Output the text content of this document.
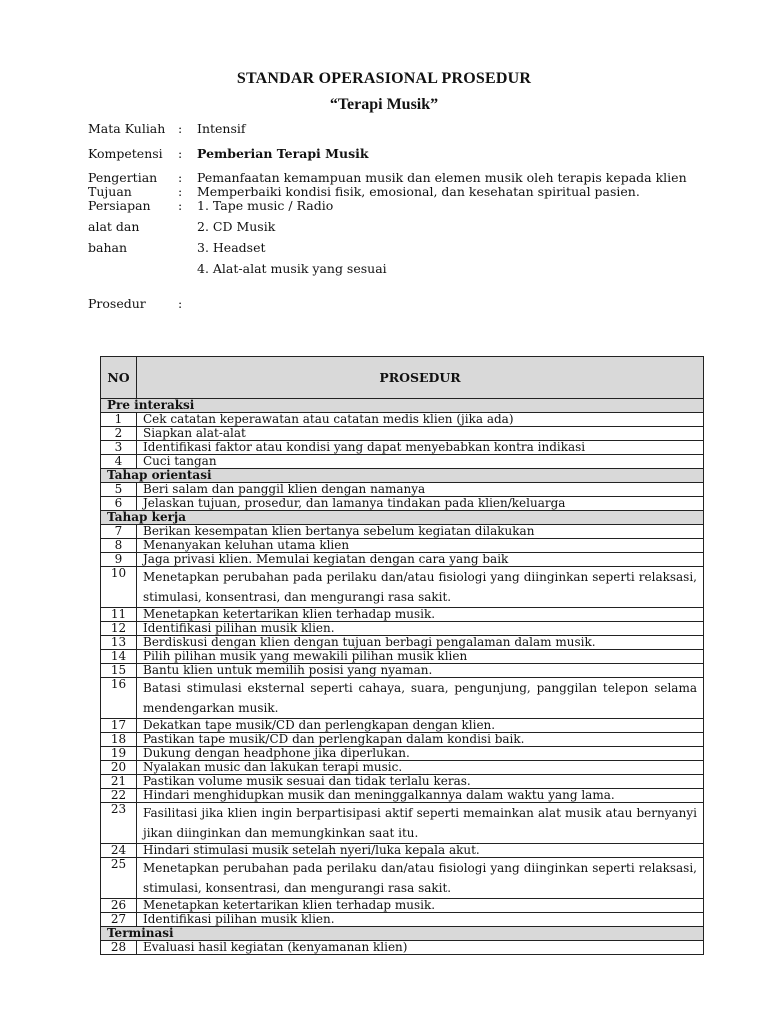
STANDAR OPERASIONAL PROSEDUR
“Terapi Musik”
Mata Kuliah : Intensif
Kompetensi : Pemberian Terapi Musik
Pengertian : Pemanfaatan kemampuan musik dan elemen musik oleh terapis kepada klien
Tujuan	: Memperbaiki kondisi fisik, emosional, dan kesehatan spiritual pasien.
Persiapan : 1. Tape music / Radio
alat dan	2. CD Musik
bahan	3. Headset
4. Alat-alat musik yang sesuai
Prosedur	:
NO	PROSEDUR
Pre interaksi	
1	Cek catatan keperawatan atau catatan medis klien (jika ada)
2	Siapkan alat-alat
3	Identifikasi faktor atau kondisi yang dapat menyebabkan kontra indikasi
4	Cuci tangan
Tahap orientasi	
5	Beri salam dan panggil klien dengan namanya
6	Jelaskan tujuan, prosedur, dan lamanya tindakan pada klien/keluarga
Tahap kerja	
7	Berikan kesempatan klien bertanya sebelum kegiatan dilakukan
8	Menanyakan keluhan utama klien
9	Jaga privasi klien. Memulai kegiatan dengan cara yang baik
10	Menetapkan perubahan pada perilaku dan/atau fisiologi yang diinginkan seperti relaksasi, stimulasi, konsentrasi, dan mengurangi rasa sakit.
11	Menetapkan ketertarikan klien terhadap musik.
12	Identifikasi pilihan musik klien.
13	Berdiskusi dengan klien dengan tujuan berbagi pengalaman dalam musik.
14	Pilih pilihan musik yang mewakili pilihan musik klien
15	Bantu klien untuk memilih posisi yang nyaman.
16	Batasi stimulasi eksternal seperti cahaya, suara, pengunjung, panggilan telepon selama mendengarkan musik.
17	Dekatkan tape musik/CD dan perlengkapan dengan klien.
18	Pastikan tape musik/CD dan perlengkapan dalam kondisi baik.
19	Dukung dengan headphone jika diperlukan.
20	Nyalakan music dan lakukan terapi music.
21	Pastikan volume musik sesuai dan tidak terlalu keras.
22	Hindari menghidupkan musik dan meninggalkannya dalam waktu yang lama.
23	Fasilitasi jika klien ingin berpartisipasi aktif seperti memainkan alat musik atau bernyanyi jikan diinginkan dan memungkinkan saat itu.
24	Hindari stimulasi musik setelah nyeri/luka kepala akut.
25	Menetapkan perubahan pada perilaku dan/atau fisiologi yang diinginkan seperti relaksasi, stimulasi, konsentrasi, dan mengurangi rasa sakit.
26	Menetapkan ketertarikan klien terhadap musik.
27	Identifikasi pilihan musik klien.
Terminasi	
28	Evaluasi hasil kegiatan (kenyamanan klien)
